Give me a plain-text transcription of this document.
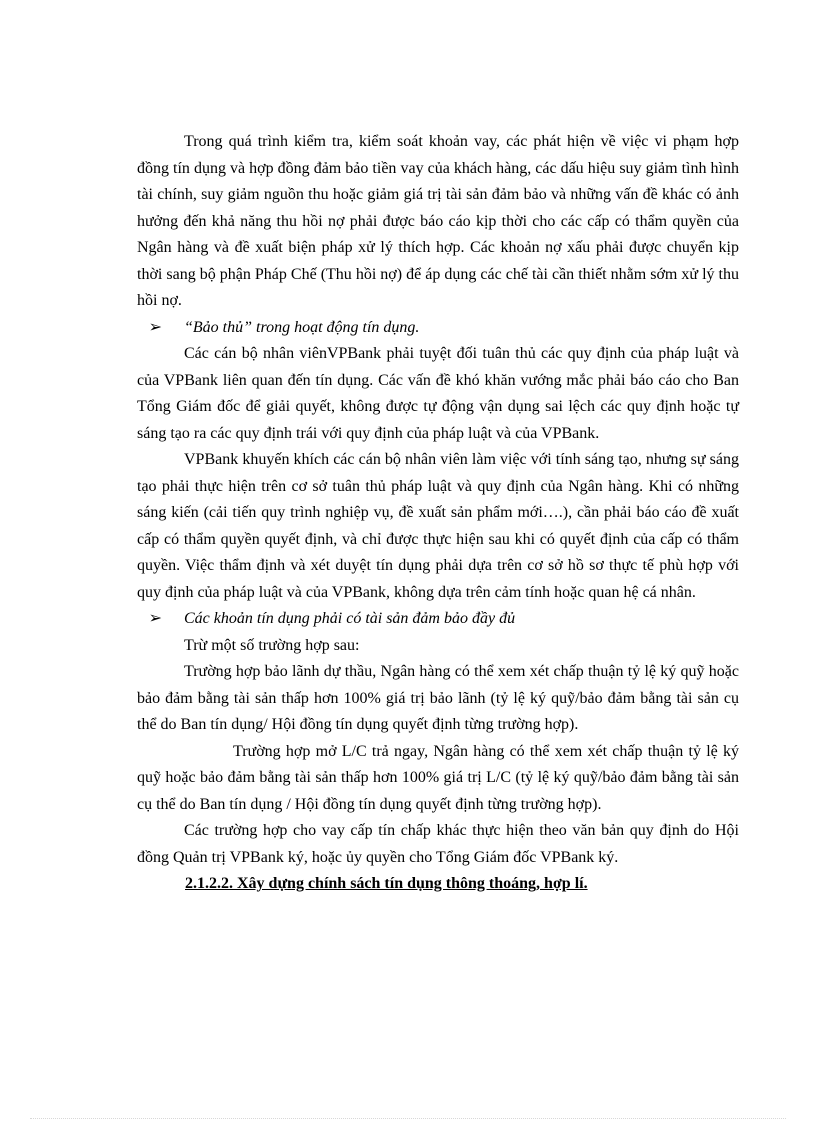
Trong quá trình kiểm tra, kiểm soát khoản vay, các phát hiện về việc vi phạm hợp đồng tín dụng và hợp đồng đảm bảo tiền vay của khách hàng, các dấu hiệu suy giảm tình hình tài chính, suy giảm nguồn thu hoặc giảm giá trị tài sản đảm bảo và những vấn đề khác có ảnh hưởng đến khả năng thu hồi nợ phải được báo cáo kịp thời cho các cấp có thẩm quyền của Ngân hàng và đề xuất biện pháp xử lý thích hợp. Các khoản nợ xấu phải được chuyển kịp thời sang bộ phận Pháp Chế (Thu hồi nợ) để áp dụng các chế tài cần thiết nhằm sớm xử lý thu hồi nợ.

➢	“Bảo thủ” trong hoạt động tín dụng.

Các cán bộ nhân viênVPBank phải tuyệt đối tuân thủ các quy định của pháp luật và của VPBank liên quan đến tín dụng. Các vấn đề khó khăn vướng mắc phải báo cáo cho Ban Tổng Giám đốc để giải quyết, không được tự động vận dụng sai lệch các quy định hoặc tự sáng tạo ra các quy định trái với quy định của pháp luật và của VPBank.

VPBank khuyến khích các cán bộ nhân viên làm việc với tính sáng tạo, nhưng sự sáng tạo phải thực hiện trên cơ sở tuân thủ pháp luật và quy định của Ngân hàng. Khi có những sáng kiến (cải tiến quy trình nghiệp vụ, đề xuất sản phẩm mới….), cần phải báo cáo đề xuất cấp có thẩm quyền quyết định, và chỉ được thực hiện sau khi có quyết định của cấp có thẩm quyền. Việc thẩm định và xét duyệt tín dụng phải dựa trên cơ sở hồ sơ thực tế phù hợp với quy định của pháp luật và của VPBank, không dựa trên cảm tính hoặc quan hệ cá nhân.

➢	Các khoản tín dụng phải có tài sản đảm bảo đầy đủ

Trừ một số trường hợp sau:

Trường hợp bảo lãnh dự thầu, Ngân hàng có thể xem xét chấp thuận tỷ lệ ký quỹ hoặc bảo đảm bằng tài sản thấp hơn 100% giá trị bảo lãnh (tỷ lệ ký quỹ/bảo đảm bằng tài sản cụ thể do Ban tín dụng/ Hội đồng tín dụng quyết định từng trường hợp).

Trường hợp mở L/C trả ngay, Ngân hàng có thể xem xét chấp thuận tỷ lệ ký quỹ hoặc bảo đảm bằng tài sản thấp hơn 100% giá trị L/C (tỷ lệ ký quỹ/bảo đảm bằng tài sản cụ thể do Ban tín dụng / Hội đồng tín dụng quyết định từng trường hợp).

Các trường hợp cho vay cấp tín chấp khác thực hiện theo văn bản quy định do Hội đồng Quản trị VPBank ký, hoặc ủy quyền cho Tổng Giám đốc VPBank ký.

2.1.2.2. Xây dựng chính sách tín dụng thông thoáng, hợp lí.
